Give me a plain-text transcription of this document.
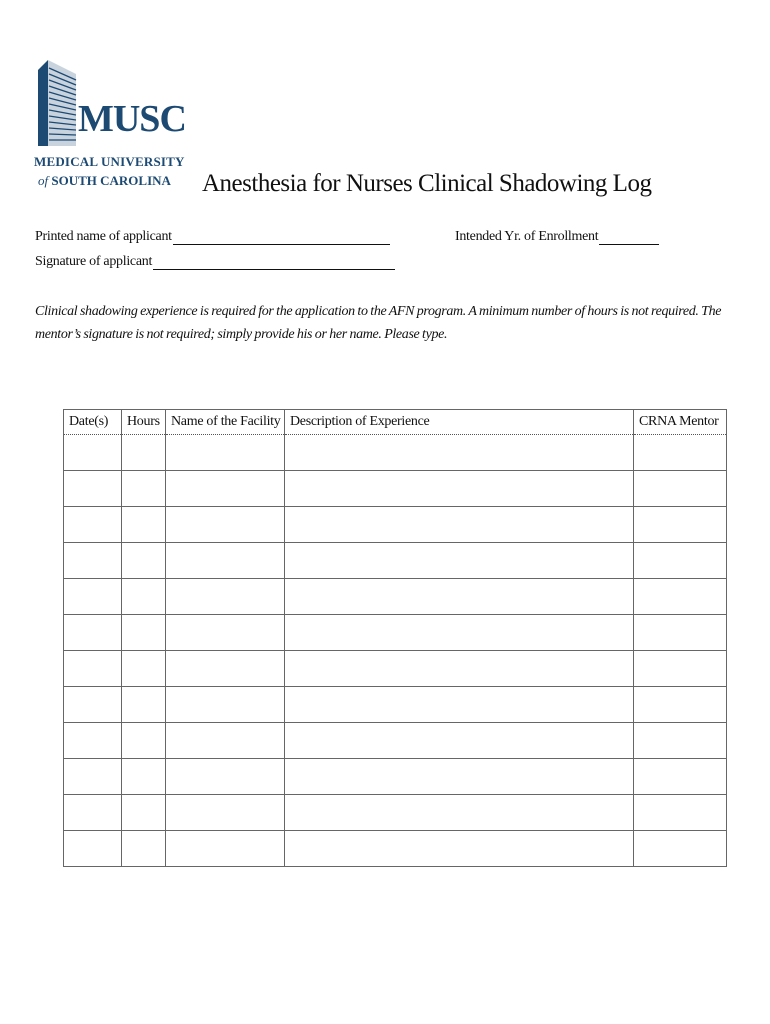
MUSC
MEDICAL UNIVERSITY
of SOUTH CAROLINA Anesthesia for Nurses Clinical Shadowing Log
Printed name of applicant	Intended Yr. of Enrollment
Signature of applicant
Clinical shadowing experience is required for the application to the AFN program. A minimum number of hours is not required. The mentor’s signature is not required; simply provide his or her name. Please type.
Date(s)	Hours	Name of the Facility	Description of Experience	CRNA Mentor
